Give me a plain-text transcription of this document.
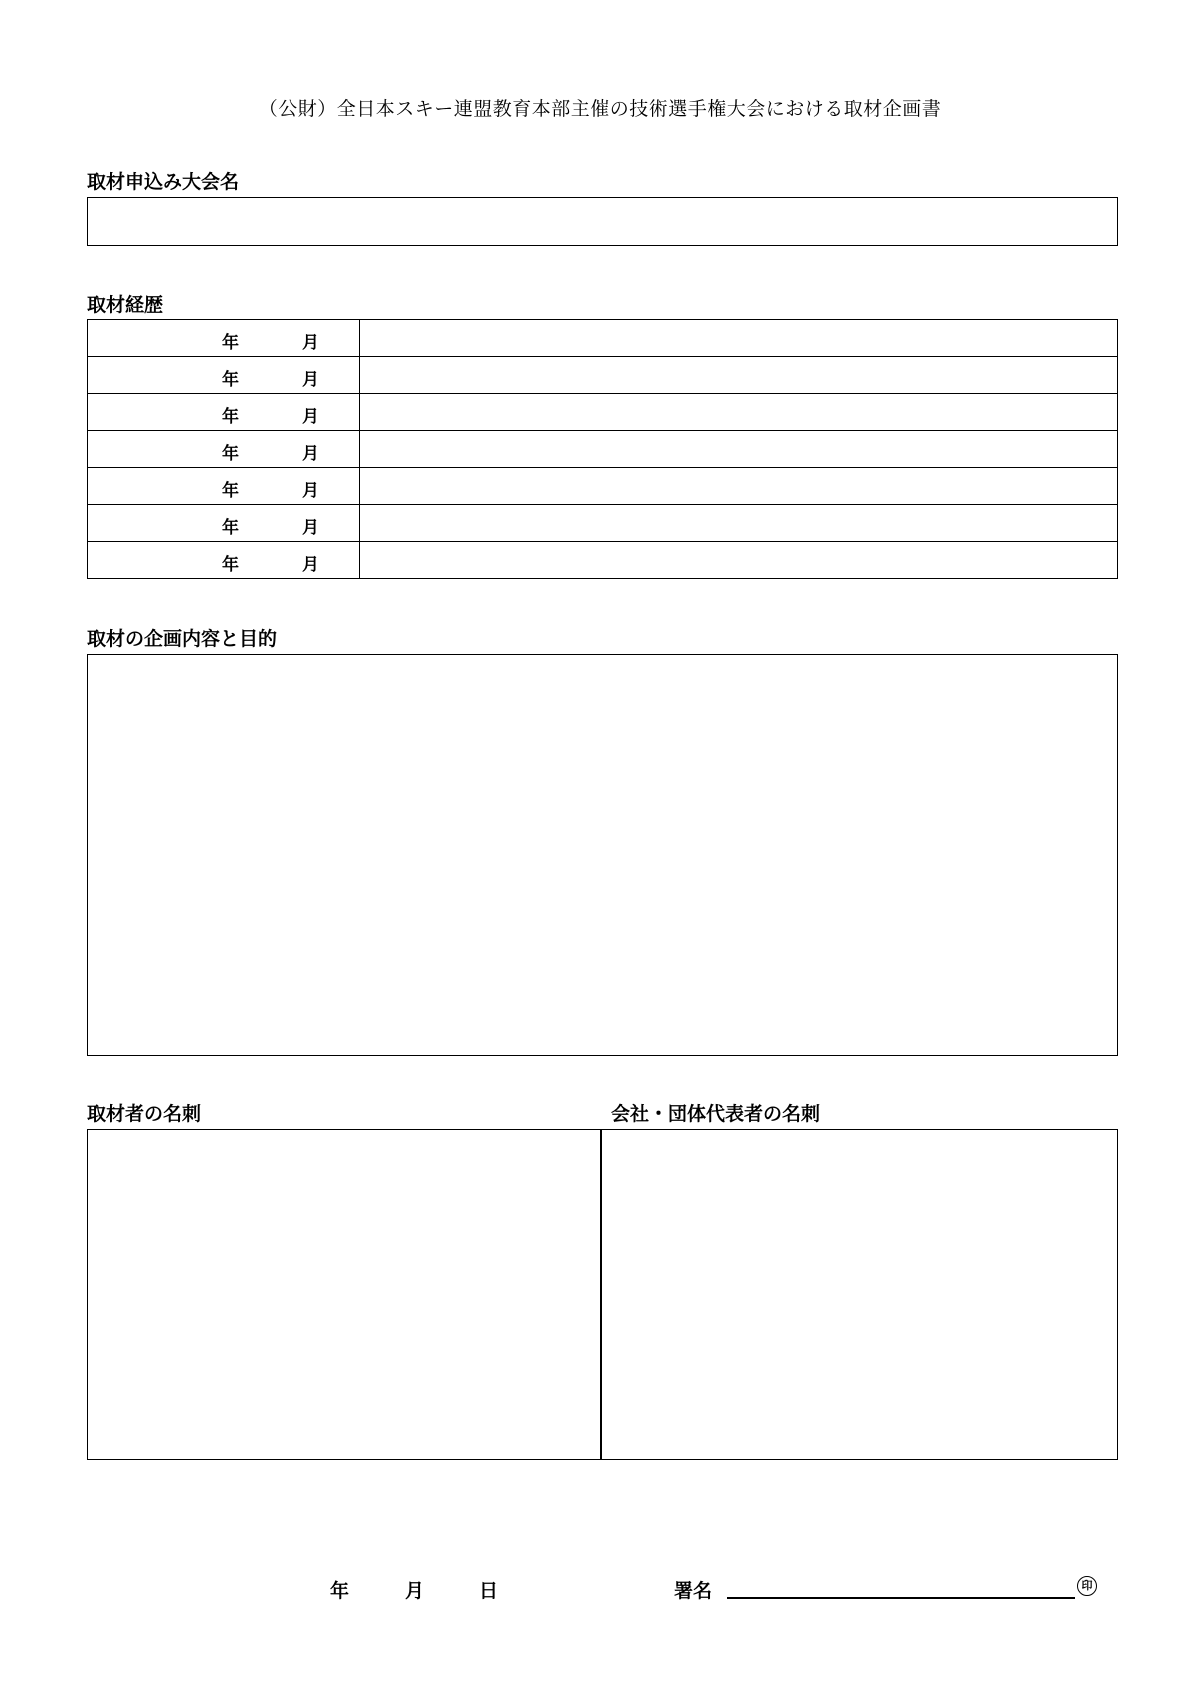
（公財）全日本スキー連盟教育本部主催の技術選手権大会における取材企画書
取材申込み大会名
取材経歴
年 月	

年 月	

年 月	

年 月	

年 月	

年 月	

年 月	

取材の企画内容と目的
取材者の名刺	会社・団体代表者の名刺
年	月	日	署名	印
